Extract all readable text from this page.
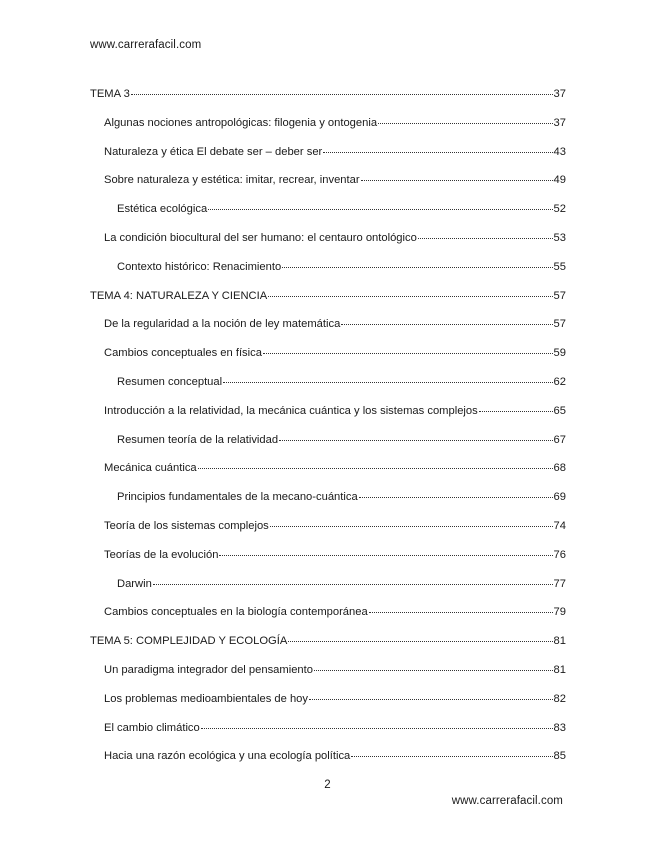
www.carrerafacil.com
TEMA 3	37
Algunas nociones antropológicas: filogenia y ontogenia	37
Naturaleza y ética El debate ser – deber ser	43
Sobre naturaleza y estética: imitar, recrear, inventar	49
Estética ecológica	52
La condición biocultural del ser humano: el centauro ontológico	53
Contexto histórico: Renacimiento	55
TEMA 4: NATURALEZA Y CIENCIA	57
De la regularidad a la noción de ley matemática	57
Cambios conceptuales en física	59
Resumen conceptual	62
Introducción a la relatividad, la mecánica cuántica y los sistemas complejos	65
Resumen teoría de la relatividad	67
Mecánica cuántica	68
Principios fundamentales de la mecano-cuántica	69
Teoría de los sistemas complejos	74
Teorías de la evolución	76
Darwin	77
Cambios conceptuales en la biología contemporánea	79
TEMA 5: COMPLEJIDAD Y ECOLOGÍA	81
Un paradigma integrador del pensamiento	81
Los problemas medioambientales de hoy	82
El cambio climático	83
Hacia una razón ecológica y una ecología política	85
2
www.carrerafacil.com
